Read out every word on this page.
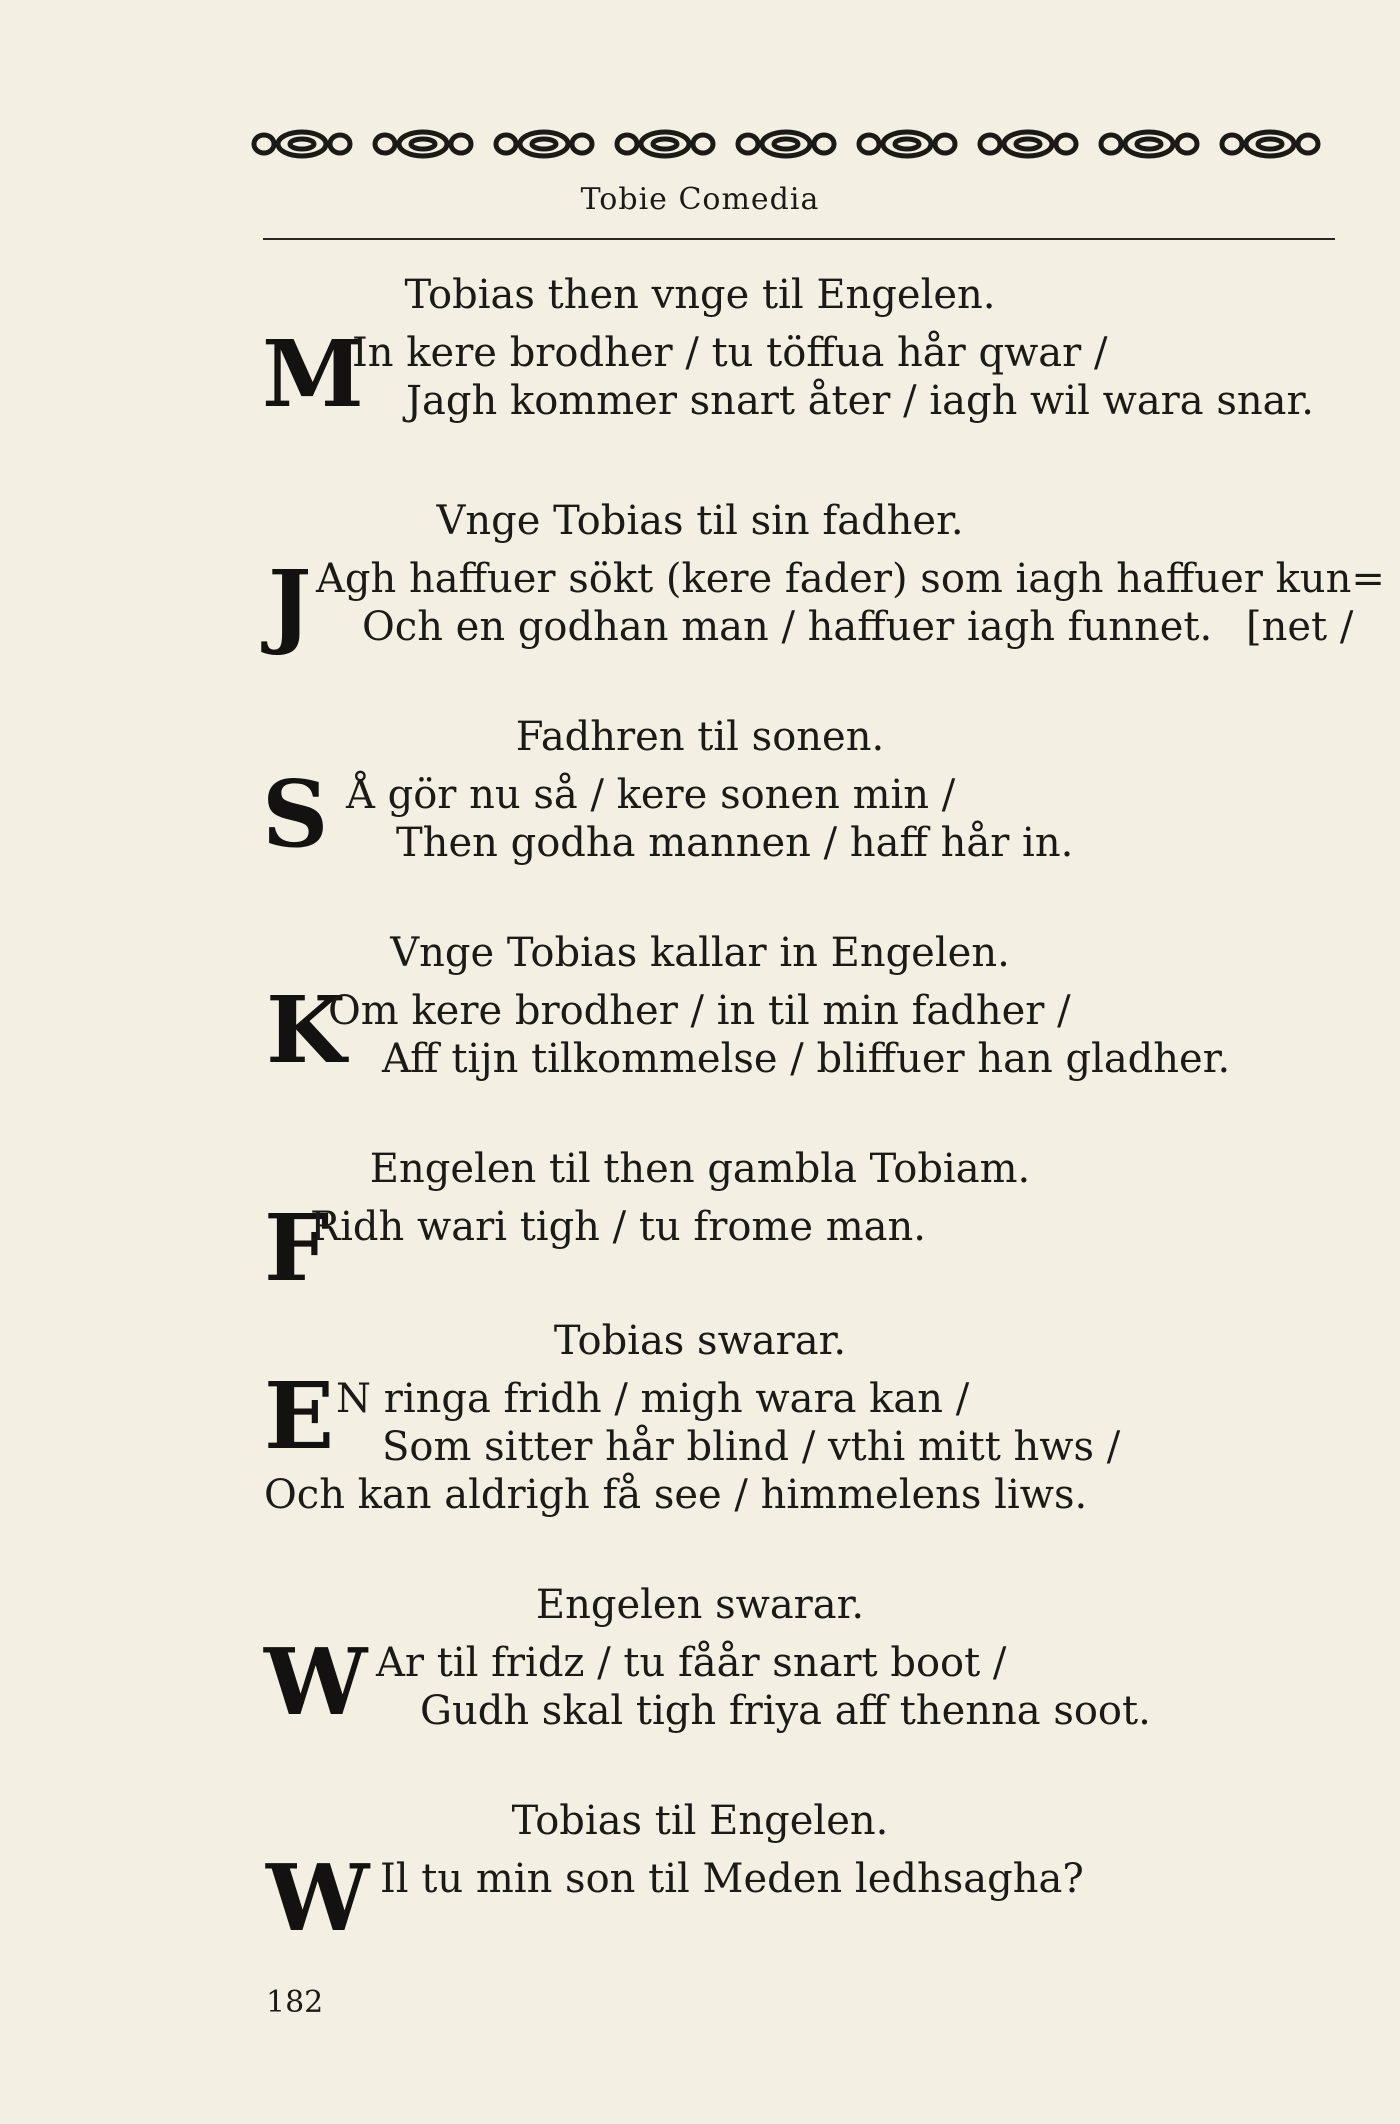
Tobie Comedia
Tobias then vnge til Engelen.
M
In kere brodher / tu töffua hår qwar /
Jagh kommer snart åter / iagh wil wara snar.
Vnge Tobias til sin fadher.
J Agh haffuer sökt (kere fader) som iagh haffuer kun=
Och en godhan man / haffuer iagh funnet. [net /
Fadhren til sonen.
S Å gör nu så / kere sonen min /
Then godha mannen / haff hår in.
Vnge Tobias kallar in Engelen.
K
Om kere brodher / in til min fadher /
Aff tijn tilkommelse / bliffuer han gladher.
Engelen til then gambla Tobiam.
F
Ridh wari tigh / tu frome man.
Tobias swarar.
E N ringa fridh / migh wara kan /
Som sitter hår blind / vthi mitt hws /
Och kan aldrigh få see / himmelens liws.
Engelen swarar.
W Ar til fridz / tu fåår snart boot /
Gudh skal tigh friya aff thenna soot.
Tobias til Engelen.
W Il tu min son til Meden ledhsagha?
182
